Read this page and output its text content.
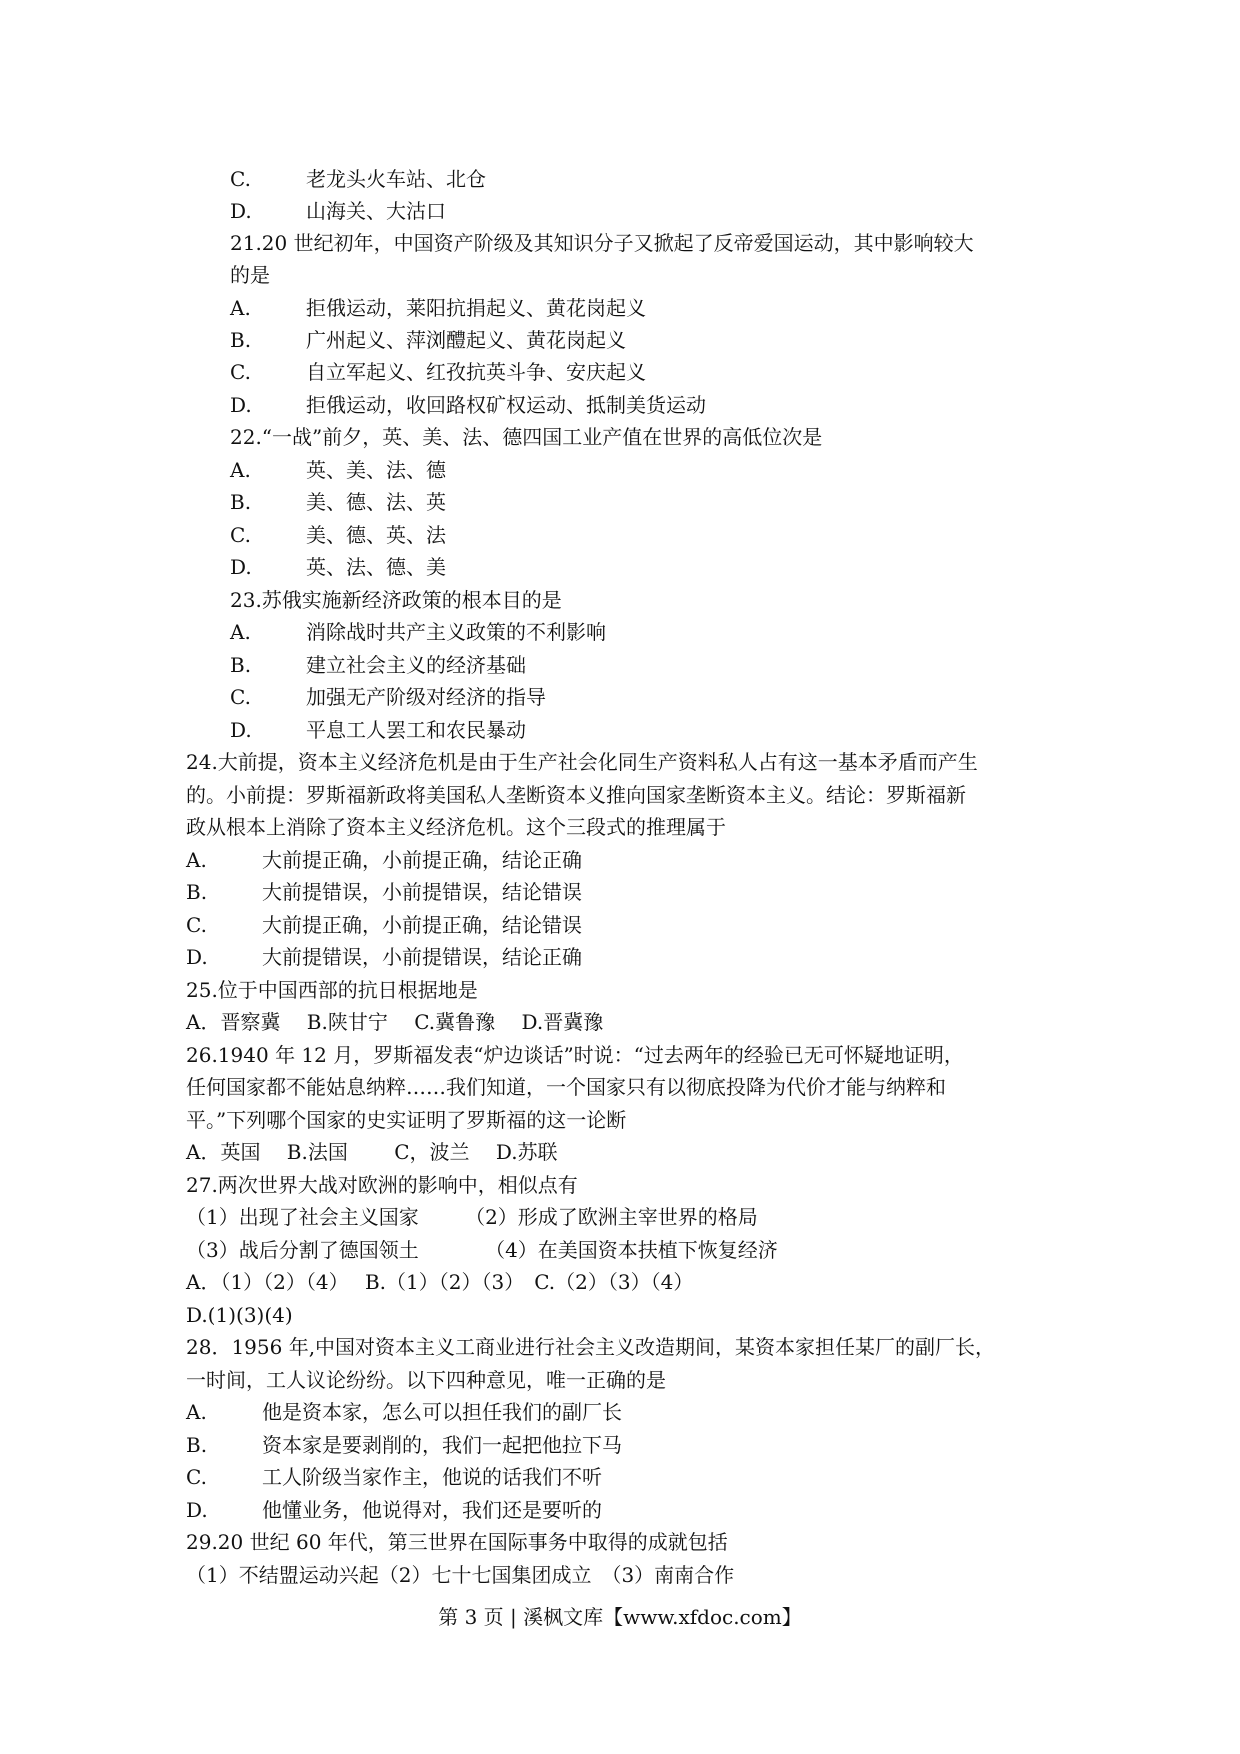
C.	老龙头火车站、北仓
D.	山海关、大沽口
21.20 世纪初年，中国资产阶级及其知识分子又掀起了反帝爱国运动，其中影响较大
的是
A.	拒俄运动，莱阳抗捐起义、黄花岗起义
B.	广州起义、萍浏醴起义、黄花岗起义
C.	自立军起义、红孜抗英斗争、安庆起义
D.	拒俄运动，收回路权矿权运动、抵制美货运动
22.“一战”前夕，英、美、法、德四国工业产值在世界的高低位次是
A.	英、美、法、德
B.	美、德、法、英
C.	美、德、英、法
D.	英、法、德、美
23.苏俄实施新经济政策的根本目的是
A.	消除战时共产主义政策的不利影响
B.	建立社会主义的经济基础
C.	加强无产阶级对经济的指导
D.	平息工人罢工和农民暴动
24.大前提，资本主义经济危机是由于生产社会化同生产资料私人占有这一基本矛盾而产生
的。小前提：罗斯福新政将美国私人垄断资本义推向国家垄断资本主义。结论：罗斯福新
政从根本上消除了资本主义经济危机。这个三段式的推理属于
A.	大前提正确，小前提正确，结论正确
B.	大前提错误，小前提错误，结论错误
C.	大前提正确，小前提正确，结论错误
D.	大前提错误，小前提错误，结论正确
25.位于中国西部的抗日根据地是
A．晋察冀　 B.陕甘宁　 C.冀鲁豫　 D.晋冀豫
26.1940 年 12 月，罗斯福发表“炉边谈话”时说：“过去两年的经验已无可怀疑地证明，
任何国家都不能姑息纳粹……我们知道，一个国家只有以彻底投降为代价才能与纳粹和
平。”下列哪个国家的史实证明了罗斯福的这一论断
A．英国　 B.法国　　 C，波兰　 D.苏联
27.两次世界大战对欧洲的影响中，相似点有
（1）出现了社会主义国家　　 （2）形成了欧洲主宰世界的格局
（3）战后分割了德国领土　　　 （4）在美国资本扶植下恢复经济
A．（1）（2）（4）　 B.（1）（2）（3）　C.（2）（3）（4）
D.(1)(3)(4)
28．1956 年,中国对资本主义工商业进行社会主义改造期间，某资本家担任某厂的副厂长，
一时间，工人议论纷纷。以下四种意见，唯一正确的是
A.	他是资本家，怎么可以担任我们的副厂长
B.	资本家是要剥削的，我们一起把他拉下马
C.	工人阶级当家作主，他说的话我们不听
D.	他懂业务，他说得对，我们还是要听的
29.20 世纪 60 年代，第三世界在国际事务中取得的成就包括
（1）不结盟运动兴起（2）七十七国集团成立　（3）南南合作
第 3 页 | 溪枫文库【www.xfdoc.com】
